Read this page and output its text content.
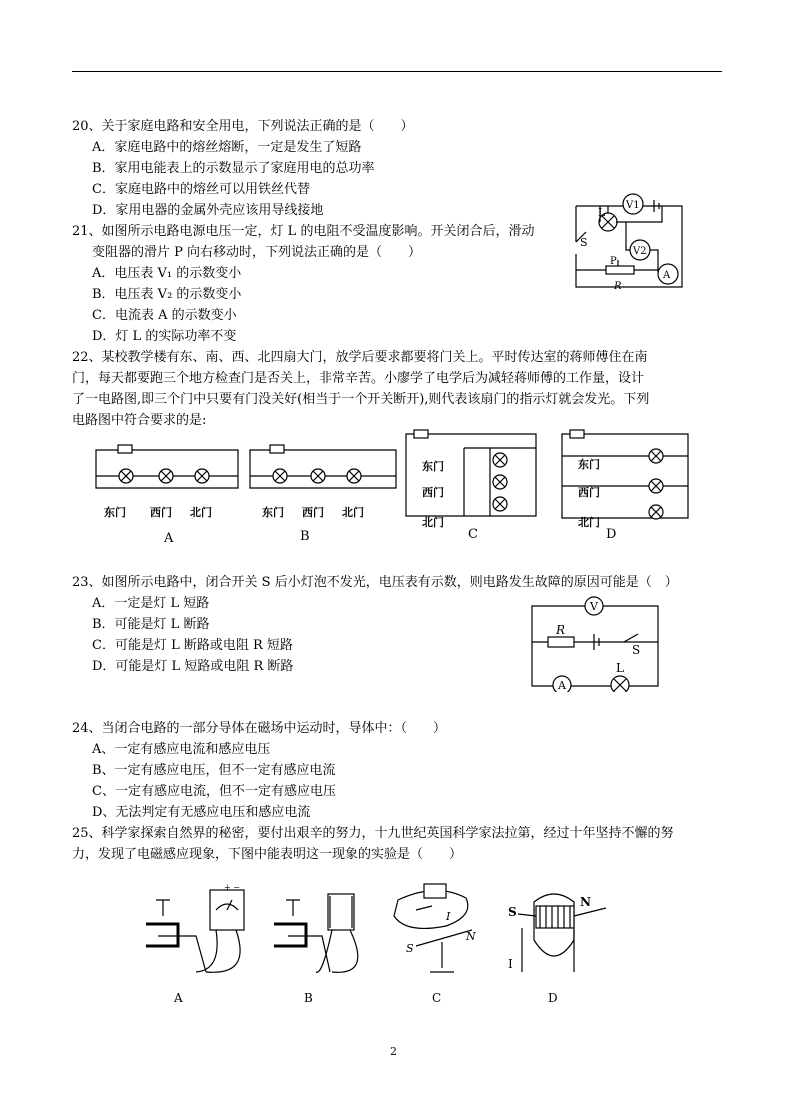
20、关于家庭电路和安全用电，下列说法正确的是（　　）
A．家庭电路中的熔丝熔断，一定是发生了短路
B．家用电能表上的示数显示了家庭用电的总功率
C．家庭电路中的熔丝可以用铁丝代替
D．家用电器的金属外壳应该用导线接地
21、如图所示电路电源电压一定，灯 L 的电阻不受温度影响。开关闭合后，滑动
变阻器的滑片 P 向右移动时，下列说法正确的是（　　）
A．电压表 V₁ 的示数变小
B．电压表 V₂ 的示数变小
C．电流表 A 的示数变小
D．灯 L 的实际功率不变
L
V1
V2
S
P
R
A
22、某校教学楼有东、南、西、北四扇大门，放学后要求都要将门关上。平时传达室的蒋师傅住在南
门，每天都要跑三个地方检查门是否关上，非常辛苦。小廖学了电学后为减轻蒋师傅的工作量，设计
了一电路图,即三个门中只要有门没关好(相当于一个开关断开),则代表该扇门的指示灯就会发光。下列
电路图中符合要求的是:
东门 西门 北门	东门 西门 北门
东门
西门
北门
东门
西门
北门
A	B	C	D
23、如图所示电路中，闭合开关 S 后小灯泡不发光，电压表有示数，则电路发生故障的原因可能是（　）
A．一定是灯 L 短路
B．可能是灯 L 断路
C．可能是灯 L 断路或电阻 R 短路
D．可能是灯 L 短路或电阻 R 断路
V
R
S
A
L
24、当闭合电路的一部分导体在磁场中运动时，导体中：（　　）
A、一定有感应电流和感应电压
B、一定有感应电压，但不一定有感应电流
C、一定有感应电流，但不一定有感应电压
D、无法判定有无感应电压和感应电流
25、科学家探索自然界的秘密，要付出艰辛的努力，十九世纪英国科学家法拉第，经过十年坚持不懈的努
力，发现了电磁感应现象，下图中能表明这一现象的实验是（　　）
+ −
I
N
S
S
N
I
A	B	C	D
2
